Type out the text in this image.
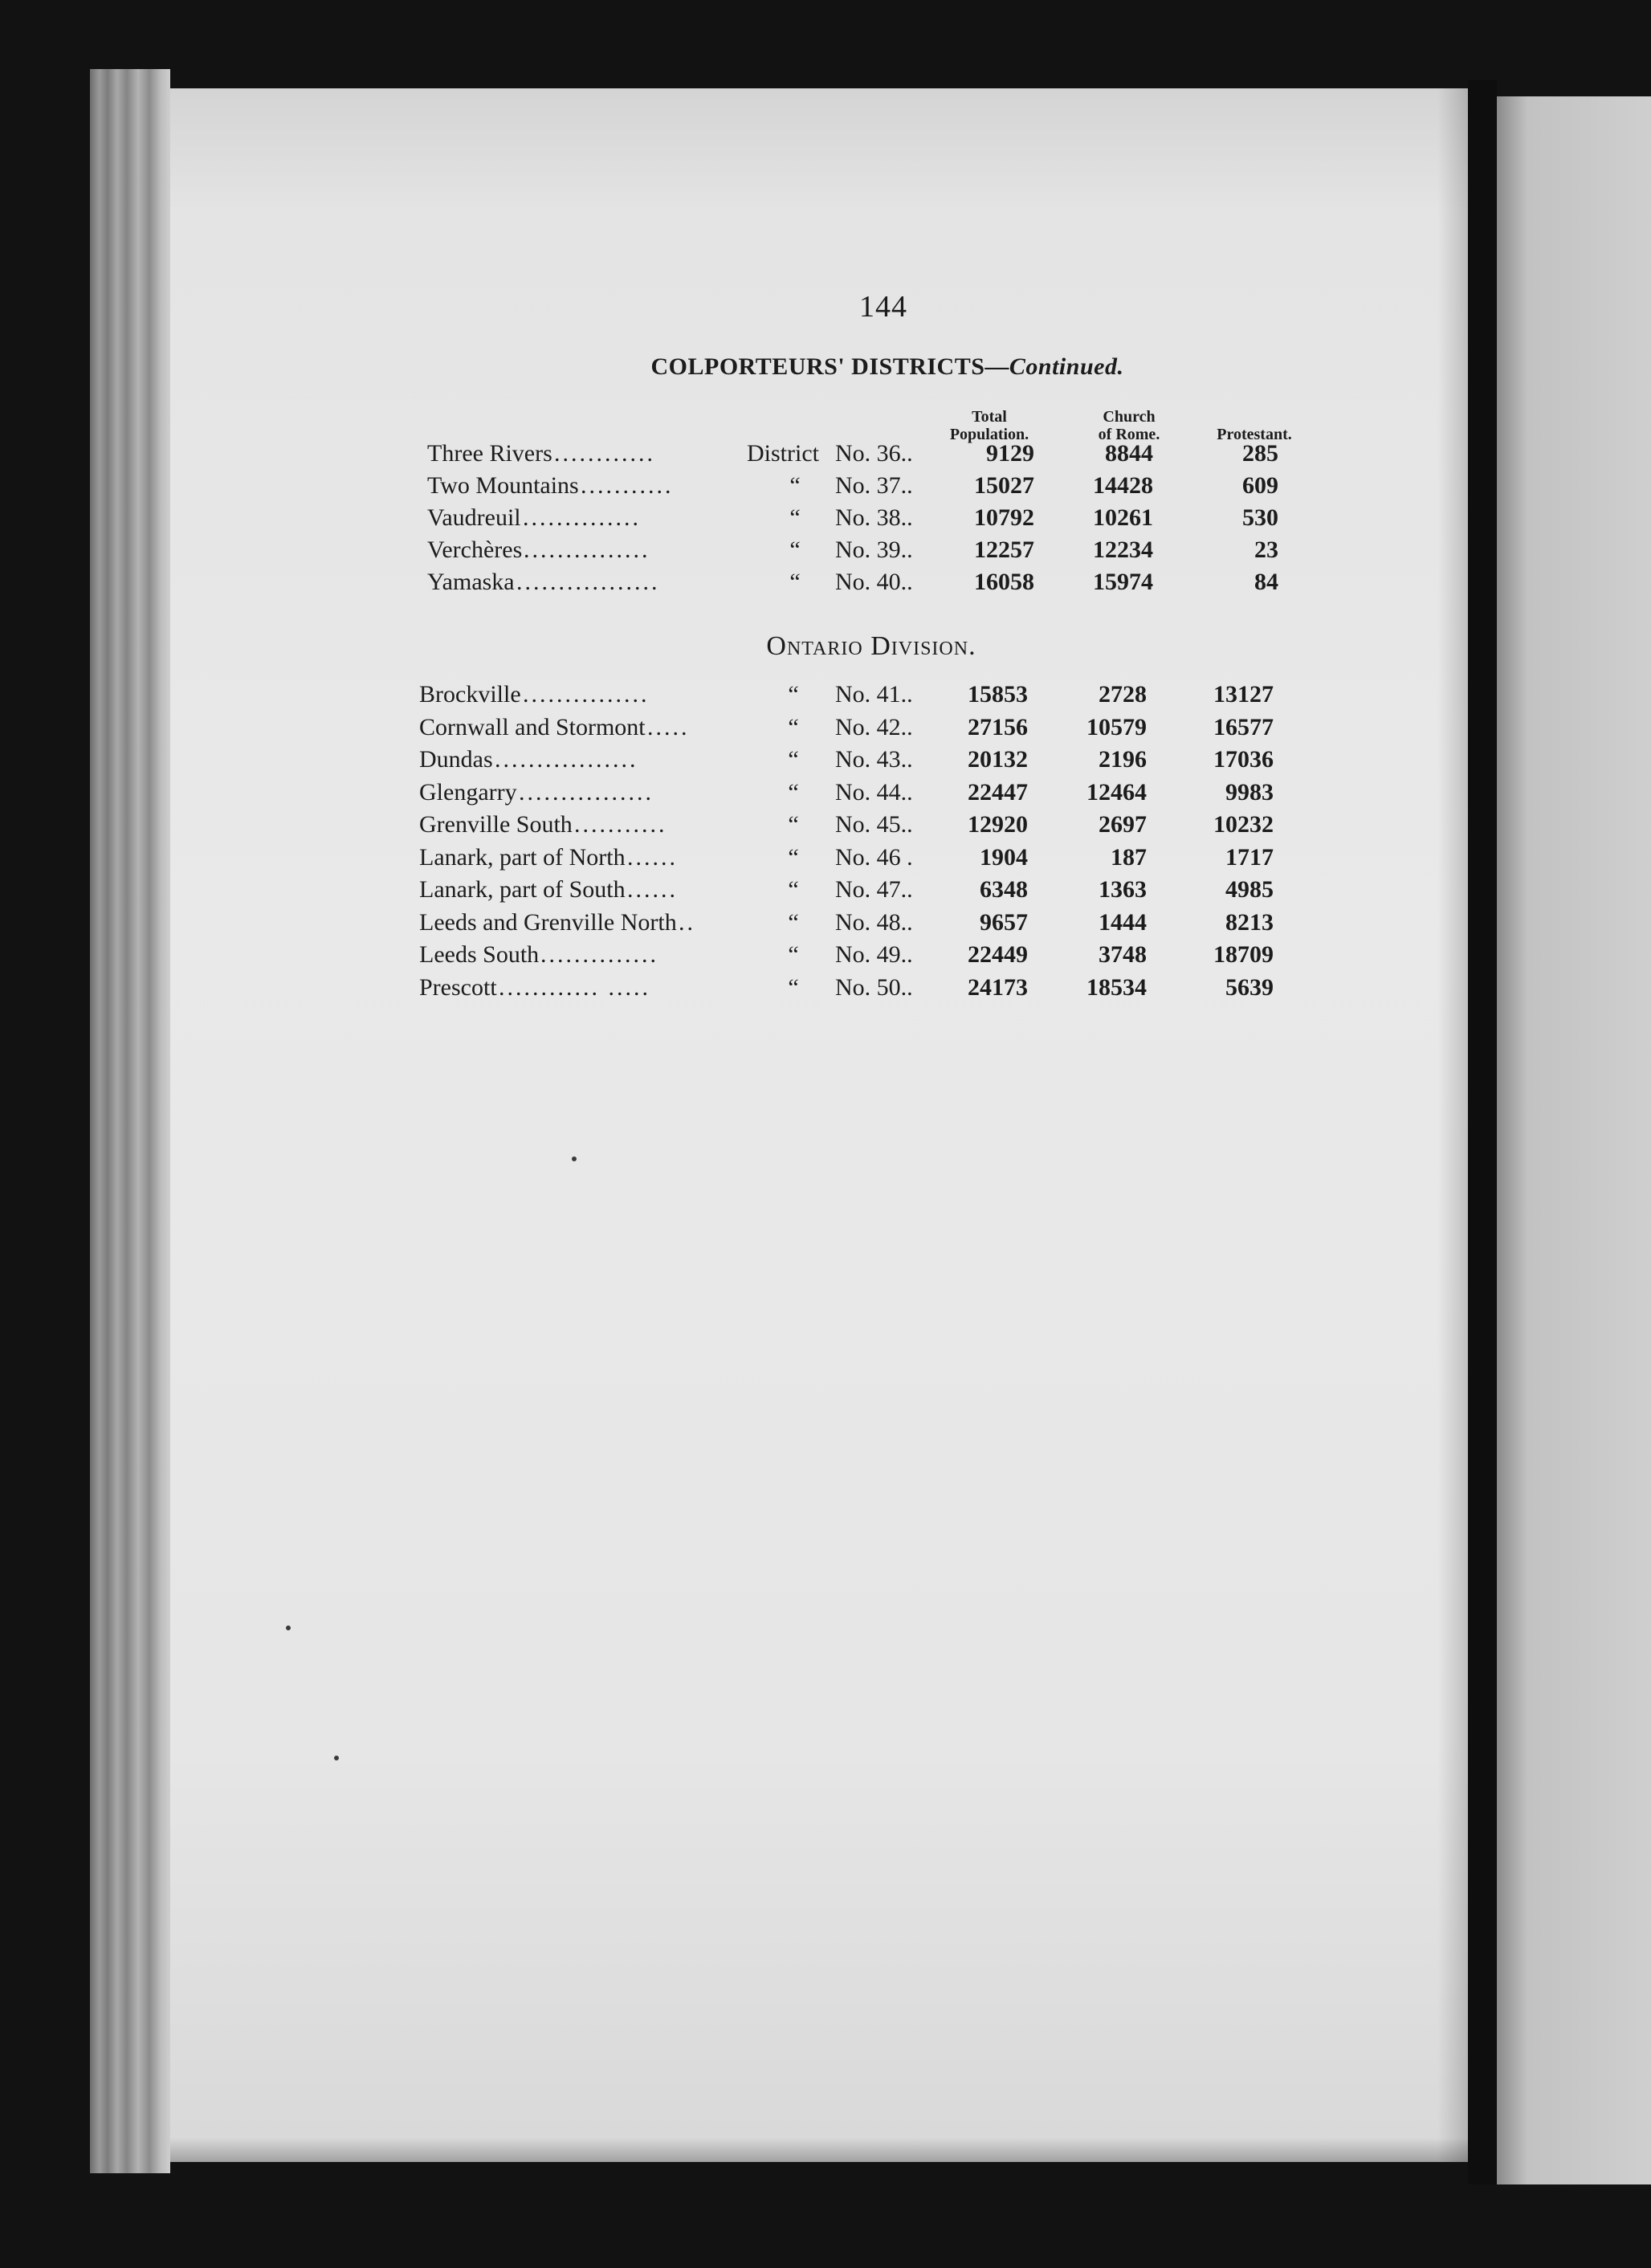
144
COLPORTEURS' DISTRICTS—Continued.
Total
Population.
Church
of Rome.	Protestant.
Three Rivers ............	District No. 36..	9129	8844	285
Two Mountains ...........	“	No. 37..	15027	14428	609
Vaudreuil ..............	“	No. 38..	10792	10261	530
Verchères ...............	“	No. 39..	12257	12234	23
Yamaska .................	“	No. 40..	16058	15974	84
Ontario Division.
Brockville ...............	“	No. 41..	15853	2728	13127
Cornwall and Stormont .....	“	No. 42..	27156	10579	16577
Dundas .................	“	No. 43..	20132	2196	17036
Glengarry ................	“	No. 44..	22447	12464	9983
Grenville South ...........	“	No. 45..	12920	2697	10232
Lanark, part of North ......	“	No. 46 .	1904	187	1717
Lanark, part of South ......	“	No. 47..	6348	1363	4985
Leeds and Grenville North ..	“	No. 48..	9657	1444	8213
Leeds South ..............	“	No. 49..	22449	3748	18709
Prescott ............ .....	“	No. 50..	24173	18534	5639
